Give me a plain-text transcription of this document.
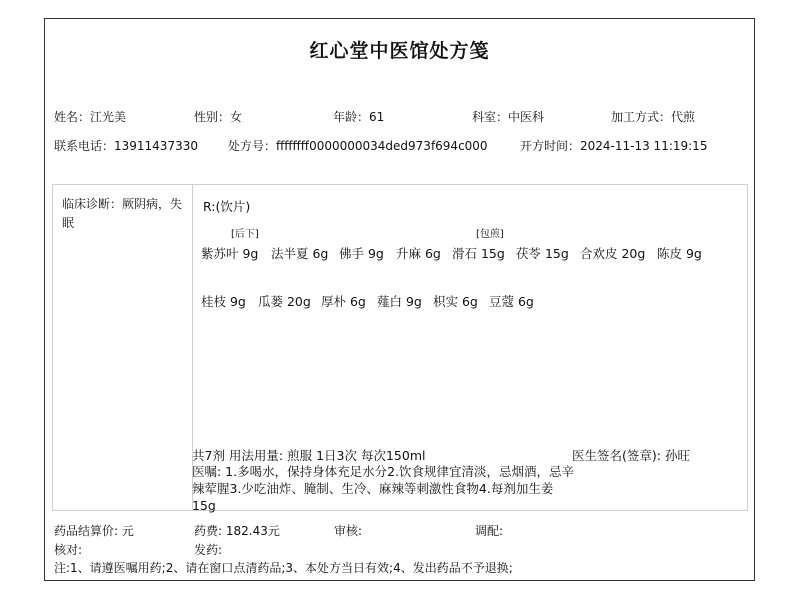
红心堂中医馆处方笺
姓名：江光美	性别：女	年龄：61	科室：中医科	加工方式：代煎
联系电话：13911437330	处方号：ffffffff0000000034ded973f694c000	开方时间：2024-11-13 11:19:15
临床诊断：厥阴病，失眠
R:(饮片)
[后下]	[包煎]
紫苏叶 9g 法半夏 6g 佛手 9g 升麻 6g 滑石 15g 茯苓 15g 合欢皮 20g 陈皮 9g
桂枝 9g 瓜蒌 20g 厚朴 6g 薤白 9g 枳实 6g 豆蔻 6g
共7剂 用法用量: 煎服 1日3次 每次150ml	医生签名(签章): 孙旺
医嘱: 1.多喝水，保持身体充足水分2.饮食规律宜清淡，忌烟酒，忌辛辣荤腥3.少吃油炸、腌制、生冷、麻辣等刺激性食物4.每剂加生姜15g
药品结算价: 元	药费: 182.43元	审核:	调配:
核对:	发药:
注:1、请遵医嘱用药;2、请在窗口点清药品;3、本处方当日有效;4、发出药品不予退换;
